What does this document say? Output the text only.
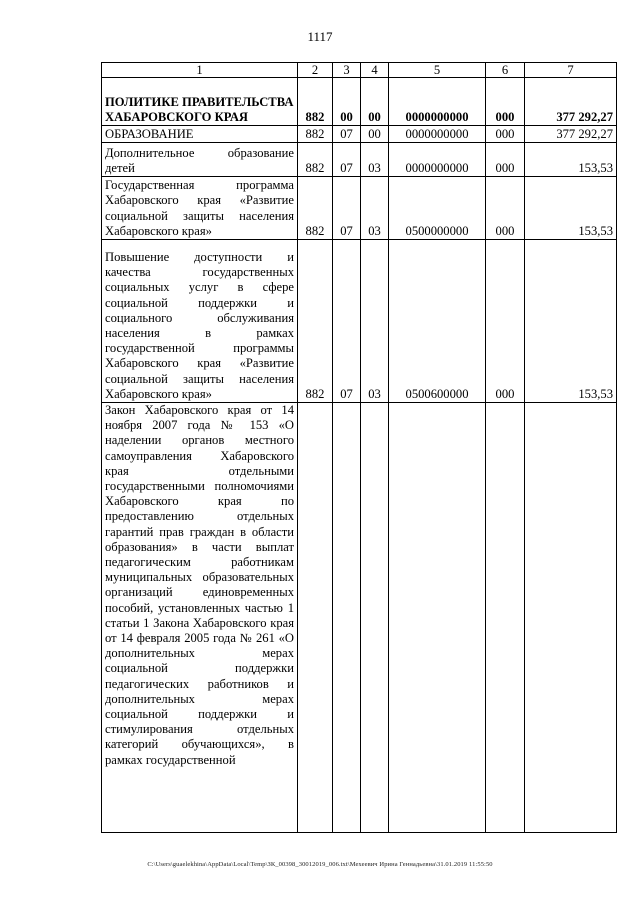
1117
1	2	3	4	5	6	7
ПОЛИТИКЕ ПРАВИТЕЛЬСТВА ХАБАРОВСКОГО КРАЯ	882	00	00	0000000000	000	377 292,27
ОБРАЗОВАНИЕ	882	07	00	0000000000	000	377 292,27
Дополнительное образование детей	882	07	03	0000000000	000	153,53
Государственная программа Хабаровского края «Развитие социальной защиты населения Хабаровского края»	882	07	03	0500000000	000	153,53
Повышение доступности и качества государственных социальных услуг в сфере социальной поддержки и социального обслуживания населения в рамках государственной программы Хабаровского края «Развитие социальной защиты населения Хабаровского края»	882	07	03	0500600000	000	153,53
Закон Хабаровского края от 14 ноября 2007 года № 153 «О наделении органов местного самоуправления Хабаровского края отдельными государственными полномочиями Хабаровского края по предоставлению отдельных гарантий прав граждан в области образования» в части выплат педагогическим работникам муниципальных образовательных организаций единовременных пособий, установленных частью 1 статьи 1 Закона Хабаровского края от 14 февраля 2005 года № 261 «О дополнительных мерах социальной поддержки педагогических работников и дополнительных мерах социальной поддержки и стимулирования отдельных категорий обучающихся», в рамках государственной						
C:\Users\guaelekhina\AppData\Local\Temp\ЗК_00398_30012019_006.txt\Мехеевич Ирина Геннадьевна\31.01.2019 11:55:50
